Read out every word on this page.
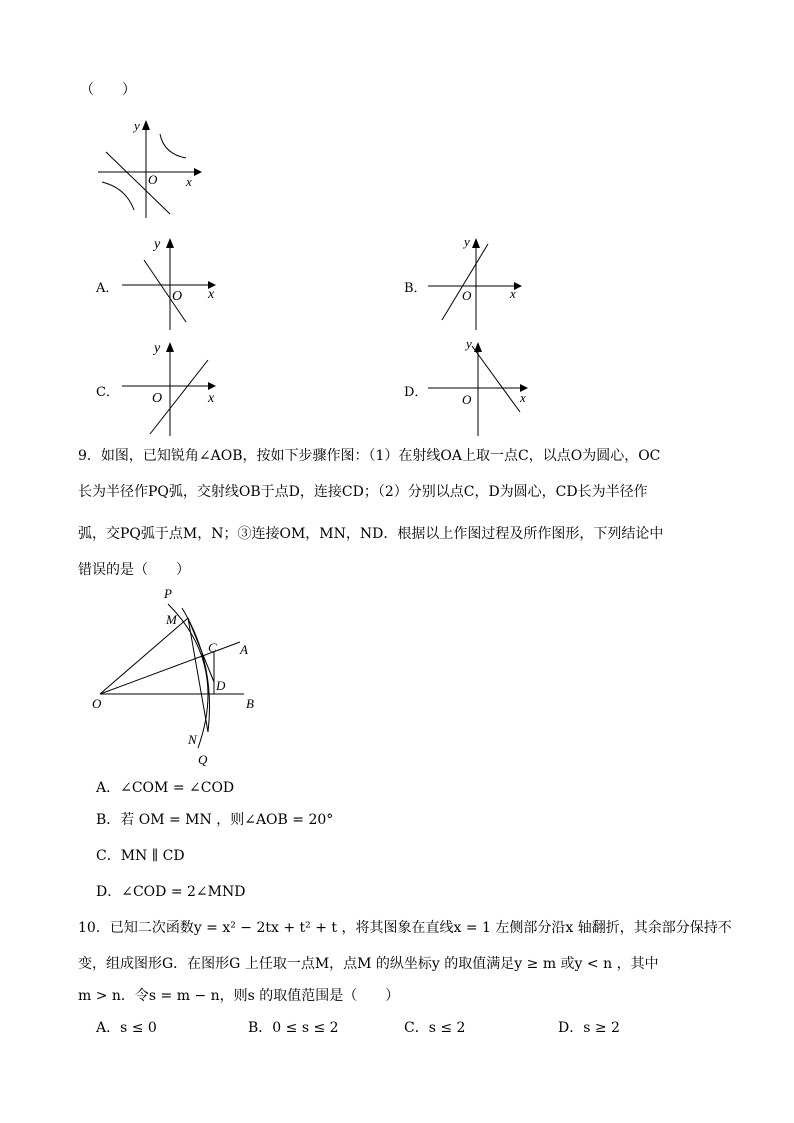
（　　）
y
x
O
A．
y
x
O
B．
y
x
O
C．
y
x
O	D．
y
x
O
9．如图，已知锐角∠AOB，按如下步骤作图：（1）在射线OA上取一点C，以点O为圆心，OC
长为半径作PQ弧，交射线OB于点D，连接CD；（2）分别以点C，D为圆心，CD长为半径作
弧，交PQ弧于点M，N；③连接OM，MN，ND．根据以上作图过程及所作图形，下列结论中
错误的是（　　）
P
M
C A
D
O	B
N
Q
A．∠COM = ∠COD
B．若 OM = MN ，则∠AOB = 20°
C．MN ∥ CD
D．∠COD = 2∠MND
10．已知二次函数y = x² − 2tx + t² + t ，将其图象在直线x = 1 左侧部分沿x 轴翻折，其余部分保持不
变，组成图形G．在图形G 上任取一点M，点M 的纵坐标y 的取值满足y ≥ m 或y < n ，其中
m > n．令s = m − n，则s 的取值范围是（　　）
A．s ≤ 0	B．0 ≤ s ≤ 2	C．s ≤ 2	D．s ≥ 2
